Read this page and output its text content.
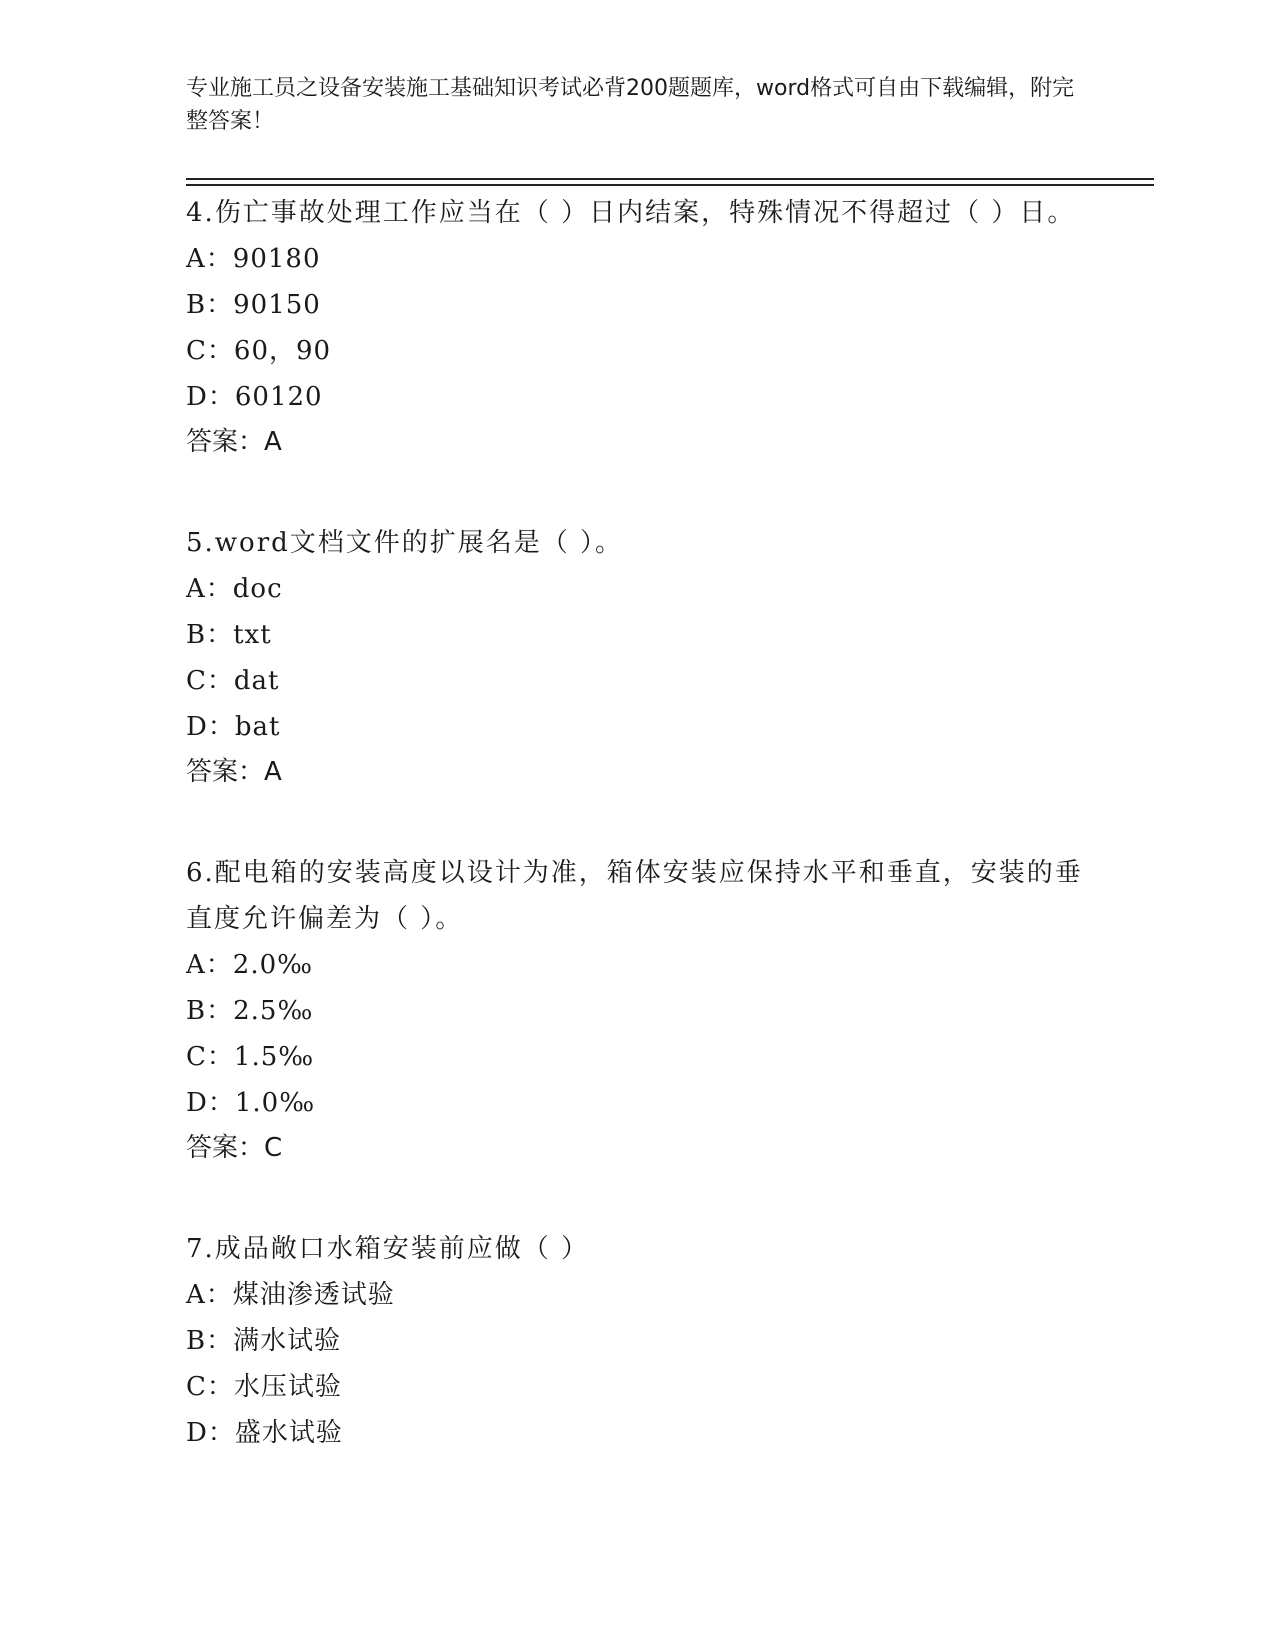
专业施工员之设备安装施工基础知识考试必背200题题库，word格式可自由下载编辑，附完整答案！

4.伤亡事故处理工作应当在（ ）日内结案，特殊情况不得超过（ ）日。

A：90180

B：90150

C：60，90

D：60120

答案：A

5.word文档文件的扩展名是（ ）。

A：doc

B：txt

C：dat

D：bat

答案：A

6.配电箱的安装高度以设计为准，箱体安装应保持水平和垂直，安装的垂直度允许偏差为（ ）。

A：2.0‰

B：2.5‰

C：1.5‰

D：1.0‰

答案：C

7.成品敞口水箱安装前应做（ ）

A：煤油渗透试验

B：满水试验

C：水压试验

D：盛水试验
